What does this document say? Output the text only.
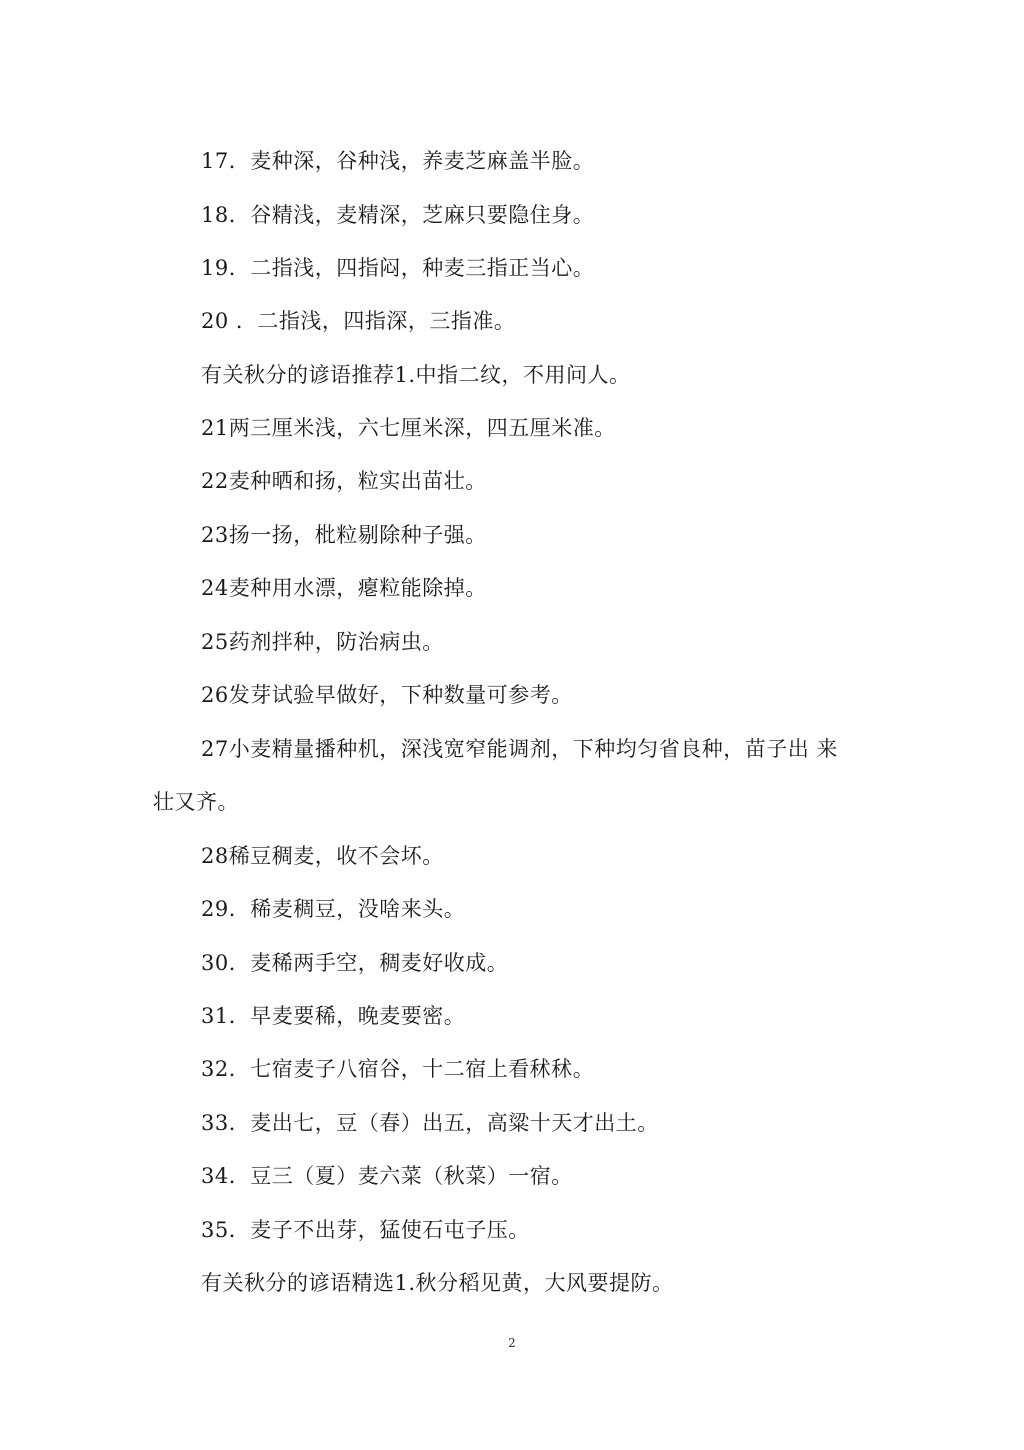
17．麦种深，谷种浅，养麦芝麻盖半脸。

18．谷精浅，麦精深，芝麻只要隐住身。

19．二指浅，四指闷，种麦三指正当心。

20 ．二指浅，四指深，三指准。

有关秋分的谚语推荐1.中指二纹，不用问人。

21两三厘米浅，六七厘米深，四五厘米准。

22麦种晒和扬，粒实出苗壮。

23扬一扬，枇粒剔除种子强。

24麦种用水漂，瘪粒能除掉。

25药剂拌种，防治病虫。

26发芽试验早做好，下种数量可参考。

27小麦精量播种机，深浅宽窄能调剂，下种均匀省良种，苗子出 来

壮又齐。

28稀豆稠麦，收不会坏。

29．稀麦稠豆，没啥来头。

30．麦稀两手空，稠麦好收成。

31．早麦要稀，晚麦要密。

32．七宿麦子八宿谷，十二宿上看秫秫。

33．麦出七，豆（春）出五，高粱十天才出土。

34．豆三（夏）麦六菜（秋菜）一宿。

35．麦子不出芽，猛使石屯子压。

有关秋分的谚语精选1.秋分稻见黄，大风要提防。

2
